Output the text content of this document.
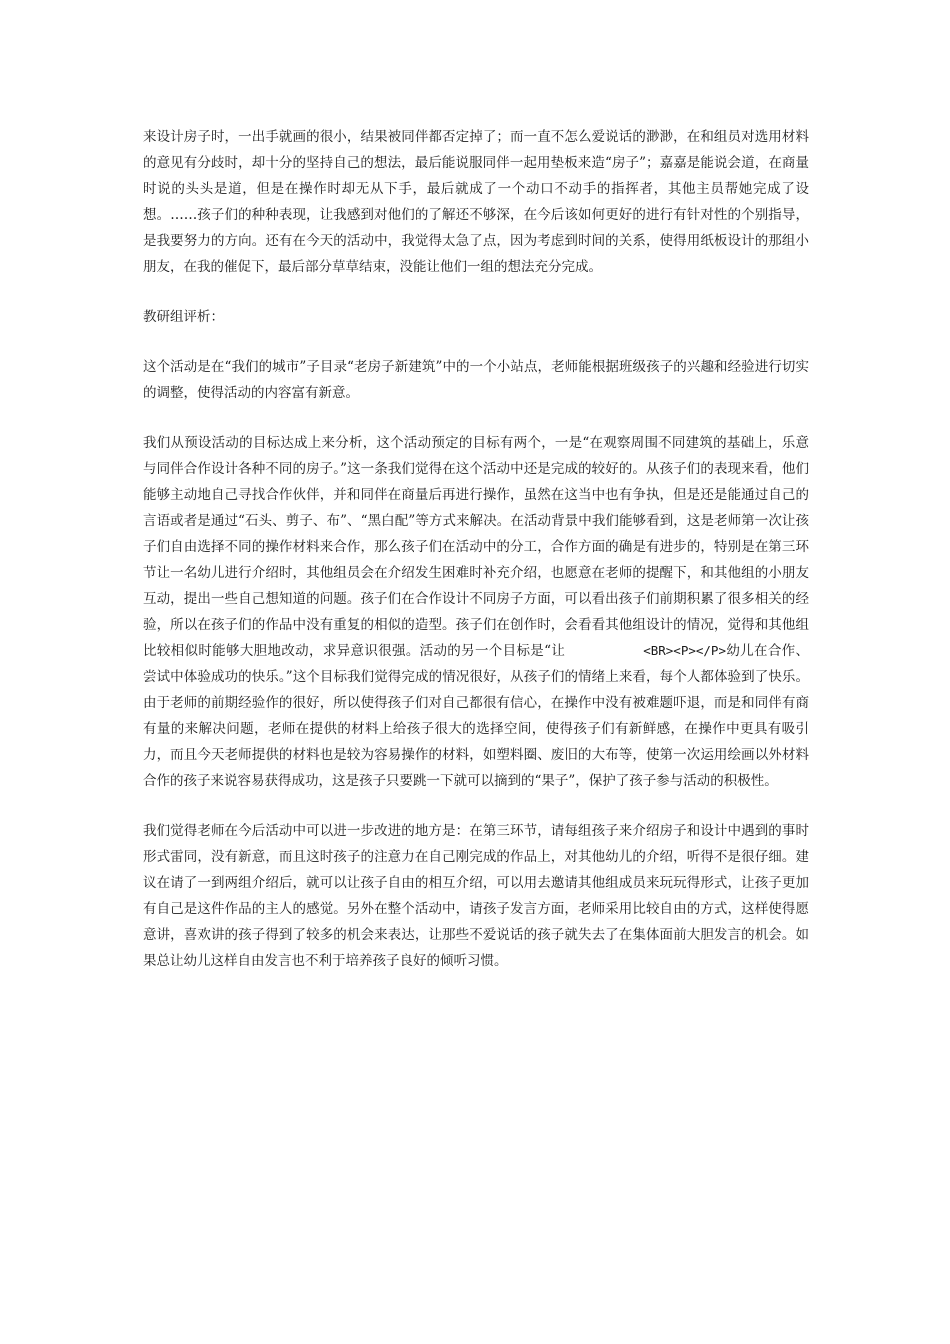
来设计房子时，一出手就画的很小，结果被同伴都否定掉了；而一直不怎么爱说话的渺渺，在和组员对选用材料的意见有分歧时，却十分的坚持自己的想法，最后能说服同伴一起用垫板来造“房子”；嘉嘉是能说会道，在商量时说的头头是道，但是在操作时却无从下手，最后就成了一个动口不动手的指挥者，其他主员帮她完成了设想。……孩子们的种种表现，让我感到对他们的了解还不够深，在今后该如何更好的进行有针对性的个别指导，是我要努力的方向。还有在今天的活动中，我觉得太急了点，因为考虑到时间的关系，使得用纸板设计的那组小朋友，在我的催促下，最后部分草草结束，没能让他们一组的想法充分完成。

教研组评析：

这个活动是在“我们的城市”子目录“老房子新建筑”中的一个小站点，老师能根据班级孩子的兴趣和经验进行切实的调整，使得活动的内容富有新意。

我们从预设活动的目标达成上来分析，这个活动预定的目标有两个，一是“在观察周围不同建筑的基础上，乐意与同伴合作设计各种不同的房子。”这一条我们觉得在这个活动中还是完成的较好的。从孩子们的表现来看，他们能够主动地自己寻找合作伙伴，并和同伴在商量后再进行操作，虽然在这当中也有争执，但是还是能通过自己的言语或者是通过“石头、剪子、布”、“黑白配”等方式来解决。在活动背景中我们能够看到，这是老师第一次让孩子们自由选择不同的操作材料来合作，那么孩子们在活动中的分工，合作方面的确是有进步的，特别是在第三环节让一名幼儿进行介绍时，其他组员会在介绍发生困难时补充介绍，也愿意在老师的提醒下，和其他组的小朋友互动，提出一些自己想知道的问题。孩子们在合作设计不同房子方面，可以看出孩子们前期积累了很多相关的经验，所以在孩子们的作品中没有重复的相似的造型。孩子们在创作时，会看看其他组设计的情况，觉得和其他组比较相似时能够大胆地改动，求异意识很强。活动的另一个目标是“让	<BR><P></P>幼儿在合作、尝试中体验成功的快乐。”这个目标我们觉得完成的情况很好，从孩子们的情绪上来看，每个人都体验到了快乐。由于老师的前期经验作的很好，所以使得孩子们对自己都很有信心，在操作中没有被难题吓退，而是和同伴有商有量的来解决问题，老师在提供的材料上给孩子很大的选择空间，使得孩子们有新鲜感，在操作中更具有吸引力，而且今天老师提供的材料也是较为容易操作的材料，如塑料圈、废旧的大布等，使第一次运用绘画以外材料合作的孩子来说容易获得成功，这是孩子只要跳一下就可以摘到的“果子”，保护了孩子参与活动的积极性。

我们觉得老师在今后活动中可以进一步改进的地方是：在第三环节，请每组孩子来介绍房子和设计中遇到的事时形式雷同，没有新意，而且这时孩子的注意力在自己刚完成的作品上，对其他幼儿的介绍，听得不是很仔细。建议在请了一到两组介绍后，就可以让孩子自由的相互介绍，可以用去邀请其他组成员来玩玩得形式，让孩子更加有自己是这件作品的主人的感觉。另外在整个活动中，请孩子发言方面，老师采用比较自由的方式，这样使得愿意讲，喜欢讲的孩子得到了较多的机会来表达，让那些不爱说话的孩子就失去了在集体面前大胆发言的机会。如果总让幼儿这样自由发言也不利于培养孩子良好的倾听习惯。
